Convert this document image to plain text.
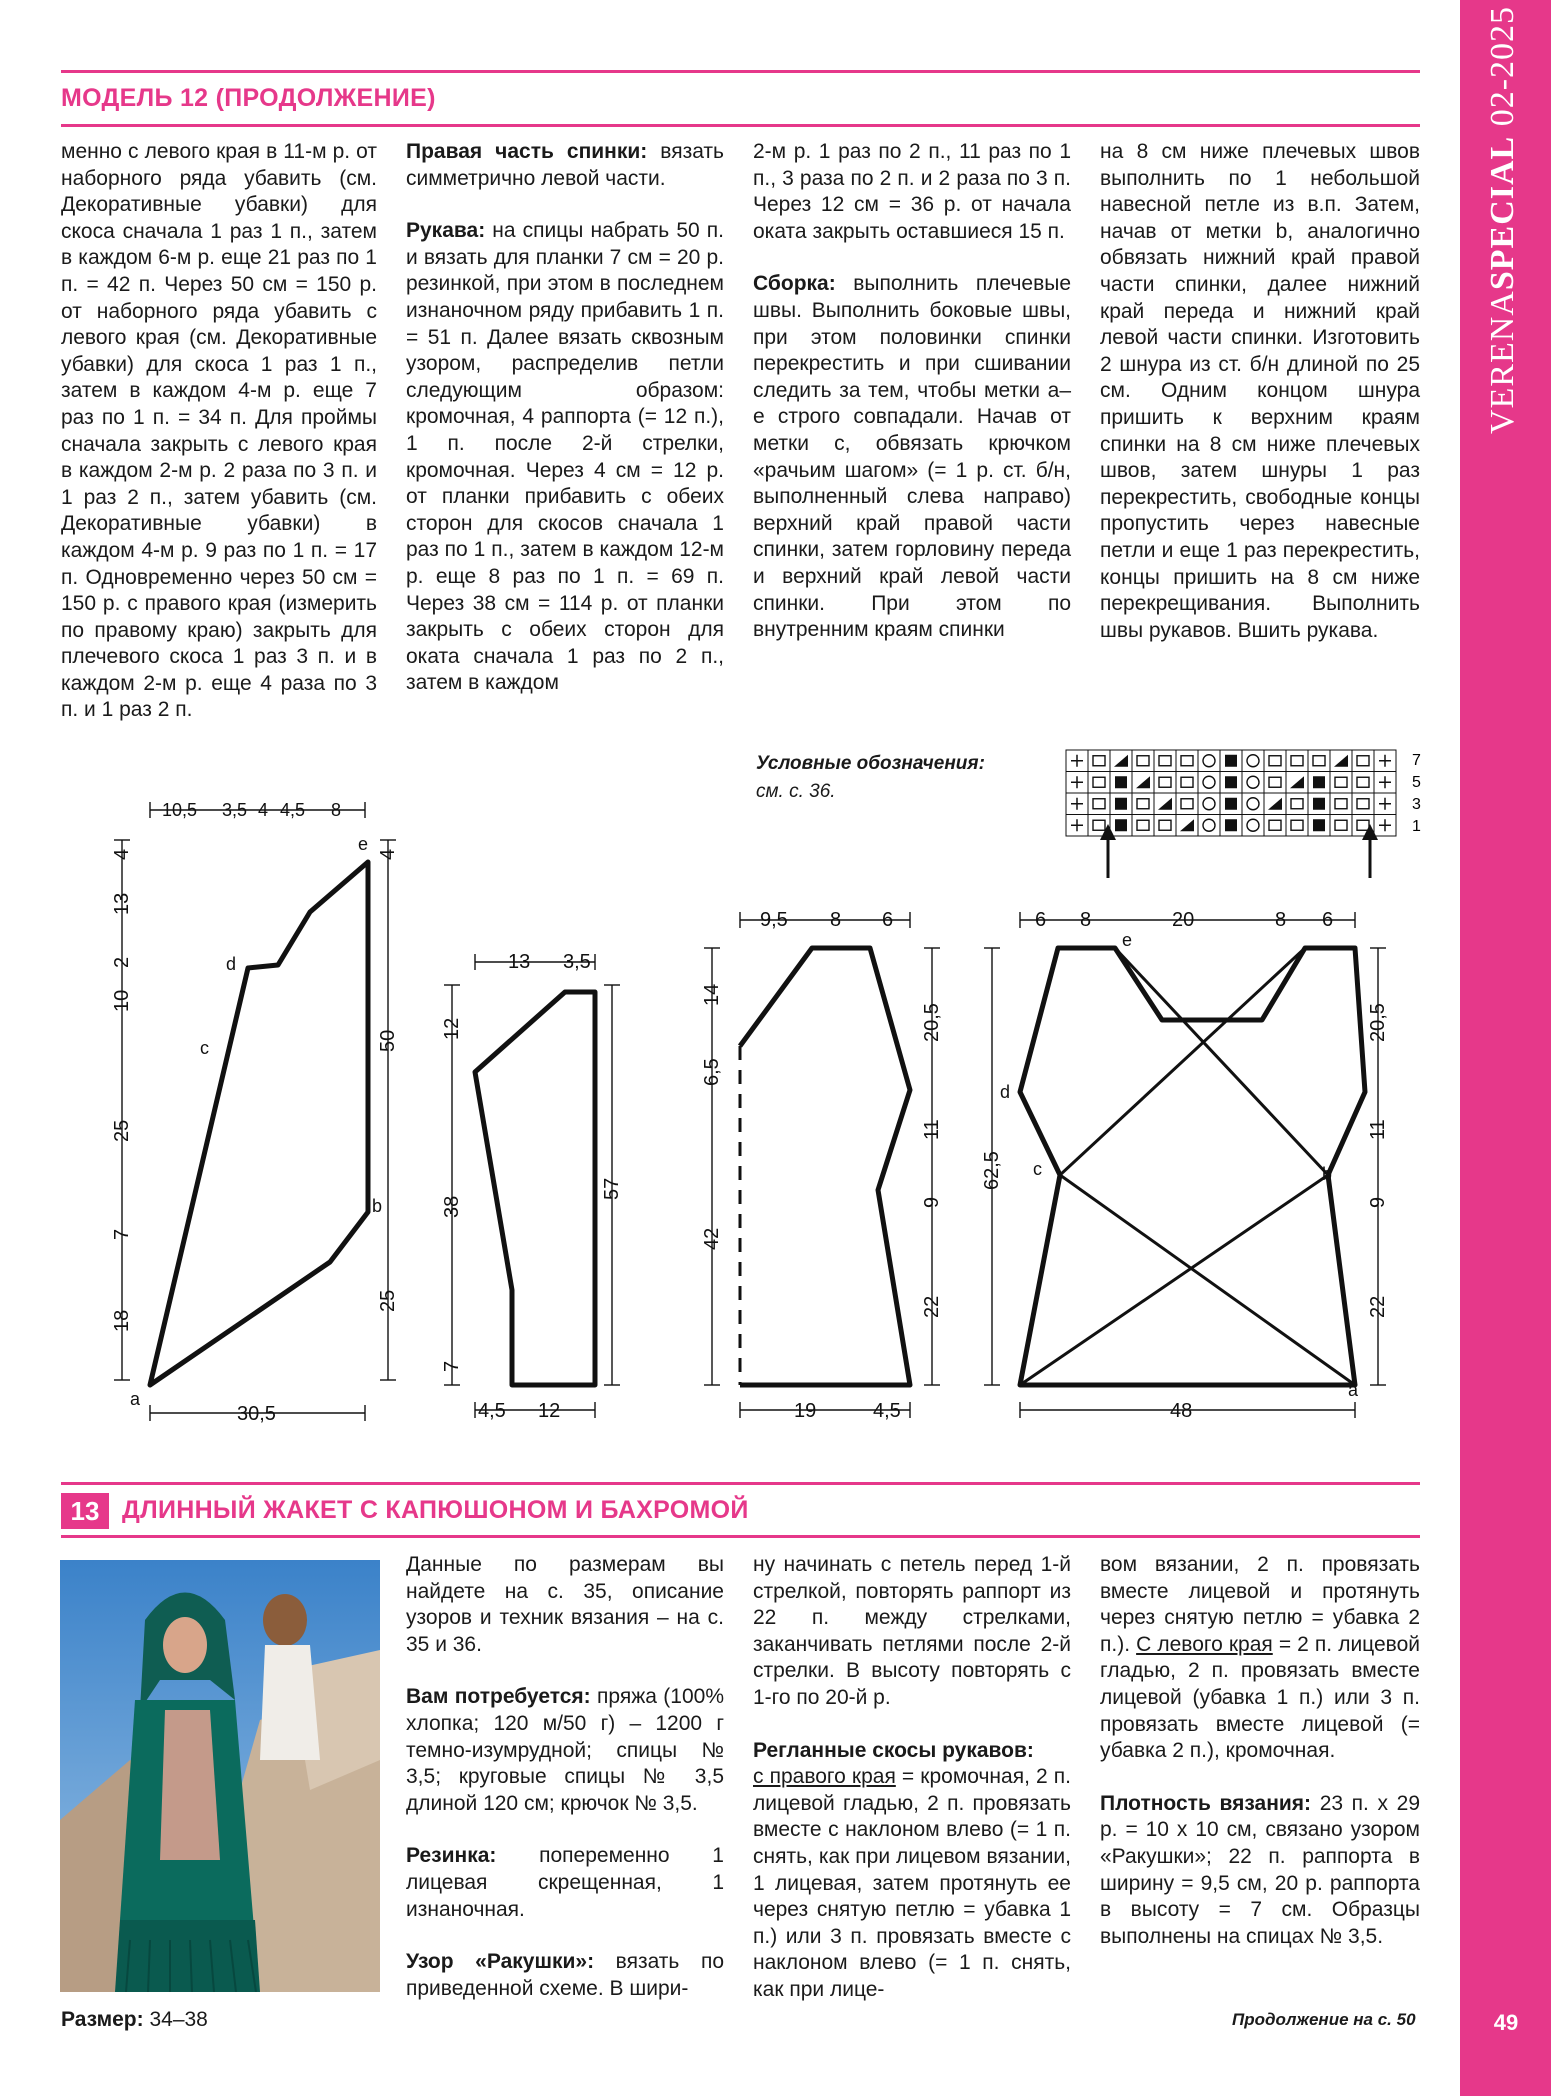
VERENASPECIAL 02-2025
49
МОДЕЛЬ 12 (ПРОДОЛЖЕНИЕ)

менно с левого края в 11-м р. от наборного ряда убавить (см. Декоративные убавки) для скоса сначала 1 раз 1 п., затем в каждом 6-м р. еще 21 раз по 1 п. = 42 п. Через 50 см = 150 р. от наборного ряда убавить с левого края (см. Декоративные убавки) для скоса 1 раз 1 п., затем в каждом 4-м р. еще 7 раз по 1 п. = 34 п. Для проймы сначала закрыть с левого края в каждом 2-м р. 2 раза по 3 п. и 1 раз 2 п., затем убавить (см. Декоративные убавки) в каждом 4-м р. 9 раз по 1 п. = 17 п. Одновременно через 50 см = 150 р. с правого края (измерить по правому краю) закрыть для плечевого скоса 1 раз 3 п. и в каждом 2-м р. еще 4 раза по 3 п. и 1 раз 2 п.

Правая часть спинки: вязать симметрично левой части.

Рукава: на спицы набрать 50 п. и вязать для планки 7 см = 20 р. резинкой, при этом в последнем изнаночном ряду прибавить 1 п. = 51 п. Далее вязать сквозным узором, распределив петли следующим образом: кромочная, 4 раппорта (= 12 п.), 1 п. после 2-й стрелки, кромочная. Через 4 см = 12 р. от планки прибавить с обеих сторон для скосов сначала 1 раз по 1 п., затем в каждом 12-м р. еще 8 раз по 1 п. = 69 п. Через 38 см = 114 р. от планки закрыть с обеих сторон для оката сначала 1 раз по 2 п., затем в каждом

2-м р. 1 раз по 2 п., 11 раз по 1 п., 3 раза по 2 п. и 2 раза по 3 п. Через 12 см = 36 р. от начала оката закрыть оставшиеся 15 п.

Сборка: выполнить плечевые швы. Выполнить боковые швы, при этом половинки спинки перекрестить и при сшивании следить за тем, чтобы метки a–e строго совпадали. Начав от метки c, обвязать крючком «рачьим шагом» (= 1 р. ст. б/н, выполненный слева направо) верхний край правой части спинки, затем горловину переда и верхний край левой части спинки. При этом по внутренним краям спинки

на 8 см ниже плечевых швов выполнить по 1 небольшой навесной петле из в.п. Затем, начав от метки b, аналогично обвязать нижний край правой части спинки, далее нижний край переда и нижний край левой части спинки. Изготовить 2 шнура из ст. б/н длиной по 25 см. Одним концом шнура пришить к верхним краям спинки на 8 см ниже плечевых швов, затем шнуры 1 раз перекрестить, свободные концы пропустить через навесные петли и еще 1 раз перекрестить, концы пришить на 8 см ниже перекрещивания. Выполнить швы рукавов. Вшить рукава.

Условные обозначения:
см. с. 36.
7
5
3
1
10,5 3,5 4 4,5 8
4
13
2
10
25
7
18
4
50
25
30,5
a
b
c
d
e
13 3,5
12
38
7
57
4,5 12
9,5 8 6
14
6,5
42
20,5
11
9
22
19	4,5
6 8	20	8 6
62,5
20,5
11
9
22
48
a
b
c
d
e
13 ДЛИННЫЙ ЖАКЕТ С КАПЮШОНОМ И БАХРОМОЙ
Размер: 34–38

Данные по размерам вы найдете на с. 35, описание узоров и техник вязания – на с. 35 и 36.

Вам потребуется: пряжа (100% хлопка; 120 м/50 г) – 1200 г темно-изумрудной; спицы № 3,5; круговые спицы № 3,5 длиной 120 см; крючок № 3,5.

Резинка: попеременно 1 лицевая скрещенная, 1 изнаночная.

Узор «Ракушки»: вязать по приведенной схеме. В шири-

ну начинать с петель перед 1-й стрелкой, повторять раппорт из 22 п. между стрелками, заканчивать петлями после 2-й стрелки. В высоту повторять с 1-го по 20-й р.

Регланные скосы рукавов:
с правого края = кромочная, 2 п. лицевой гладью, 2 п. провязать вместе с наклоном влево (= 1 п. снять, как при лицевом вязании, 1 лицевая, затем протянуть ее через снятую петлю = убавка 1 п.) или 3 п. провязать вместе с наклоном влево (= 1 п. снять, как при лице-

вом вязании, 2 п. провязать вместе лицевой и протянуть через снятую петлю = убавка 2 п.). С левого края = 2 п. лицевой гладью, 2 п. провязать вместе лицевой (убавка 1 п.) или 3 п. провязать вместе лицевой (= убавка 2 п.), кромочная.

Плотность вязания: 23 п. х 29 р. = 10 х 10 см, связано узором «Ракушки»; 22 п. раппорта в ширину = 9,5 см, 20 р. раппорта в высоту = 7 см. Образцы выполнены на спицах № 3,5.

Продолжение на с. 50
